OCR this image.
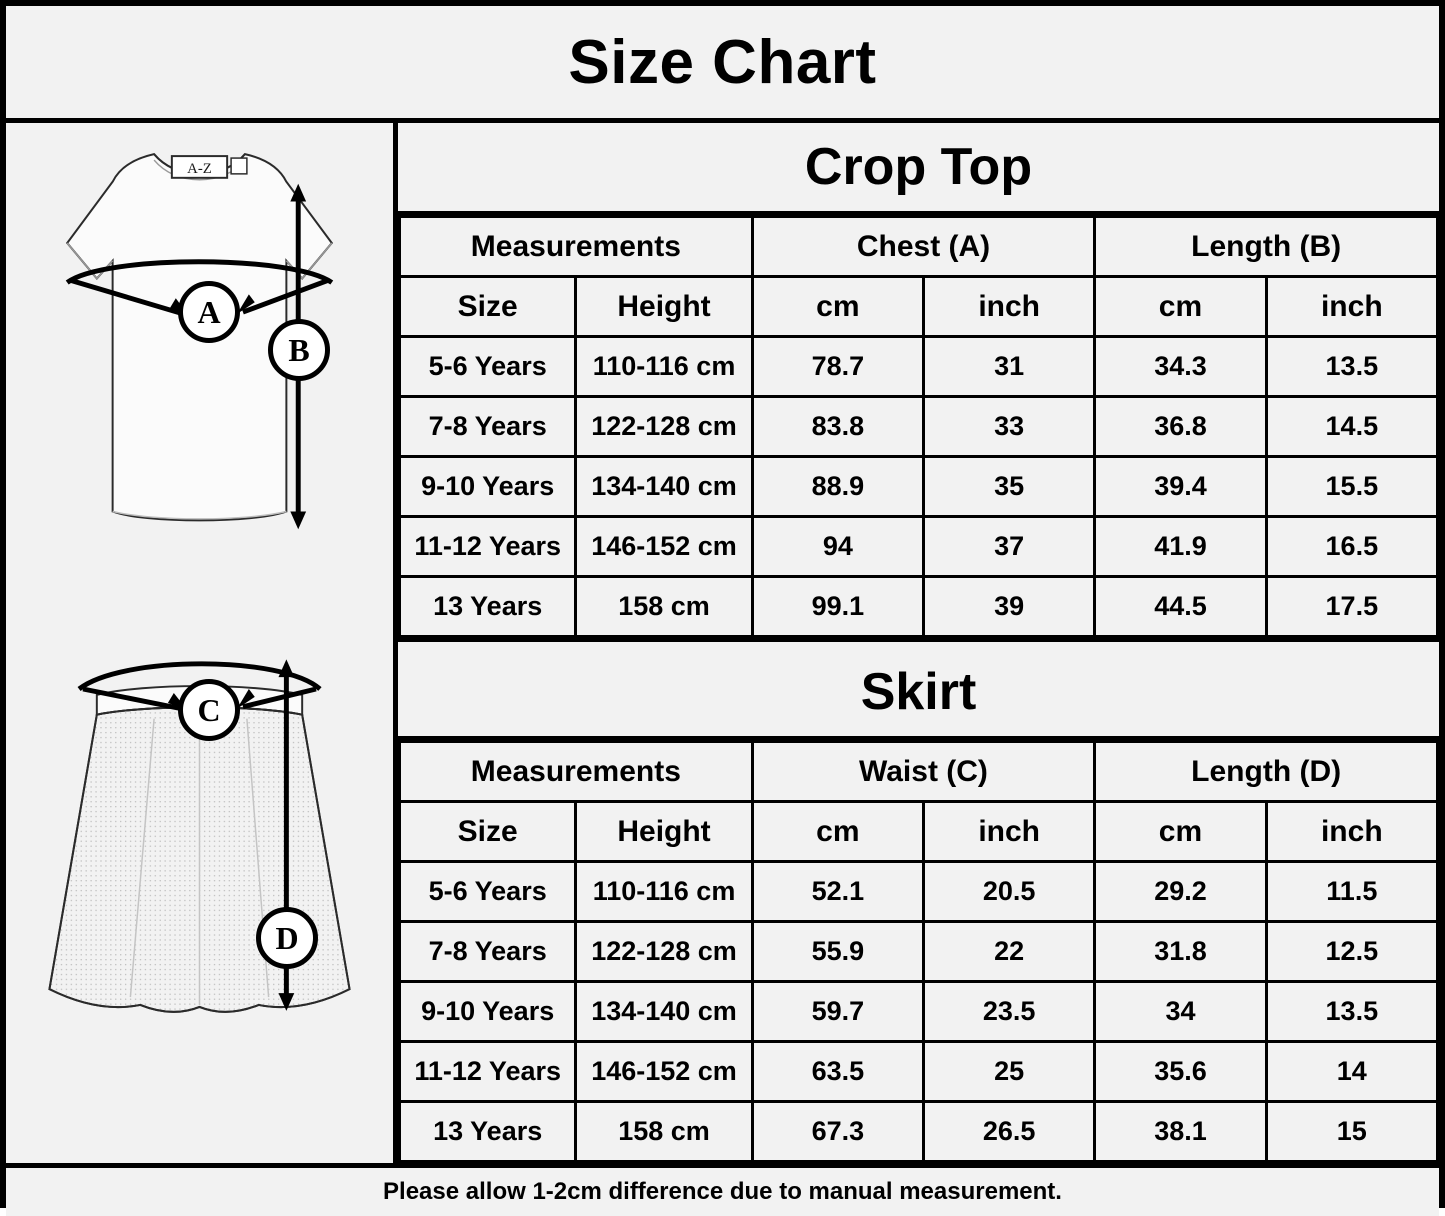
Size Chart
A-Z
A
B
C
D
Crop Top
Measurements		Chest (A)		Length (B)	
Size	Height	cm	inch	cm	inch
5-6 Years	110-116 cm	78.7	31	34.3	13.5
7-8 Years	122-128 cm	83.8	33	36.8	14.5
9-10 Years	134-140 cm	88.9	35	39.4	15.5
11-12 Years	146-152 cm	94	37	41.9	16.5
13 Years	158 cm	99.1	39	44.5	17.5
Skirt
Measurements		Waist (C)		Length (D)	
Size	Height	cm	inch	cm	inch
5-6 Years	110-116 cm	52.1	20.5	29.2	11.5
7-8 Years	122-128 cm	55.9	22	31.8	12.5
9-10 Years	134-140 cm	59.7	23.5	34	13.5
11-12 Years	146-152 cm	63.5	25	35.6	14
13 Years	158 cm	67.3	26.5	38.1	15
Please allow 1-2cm difference due to manual measurement.
